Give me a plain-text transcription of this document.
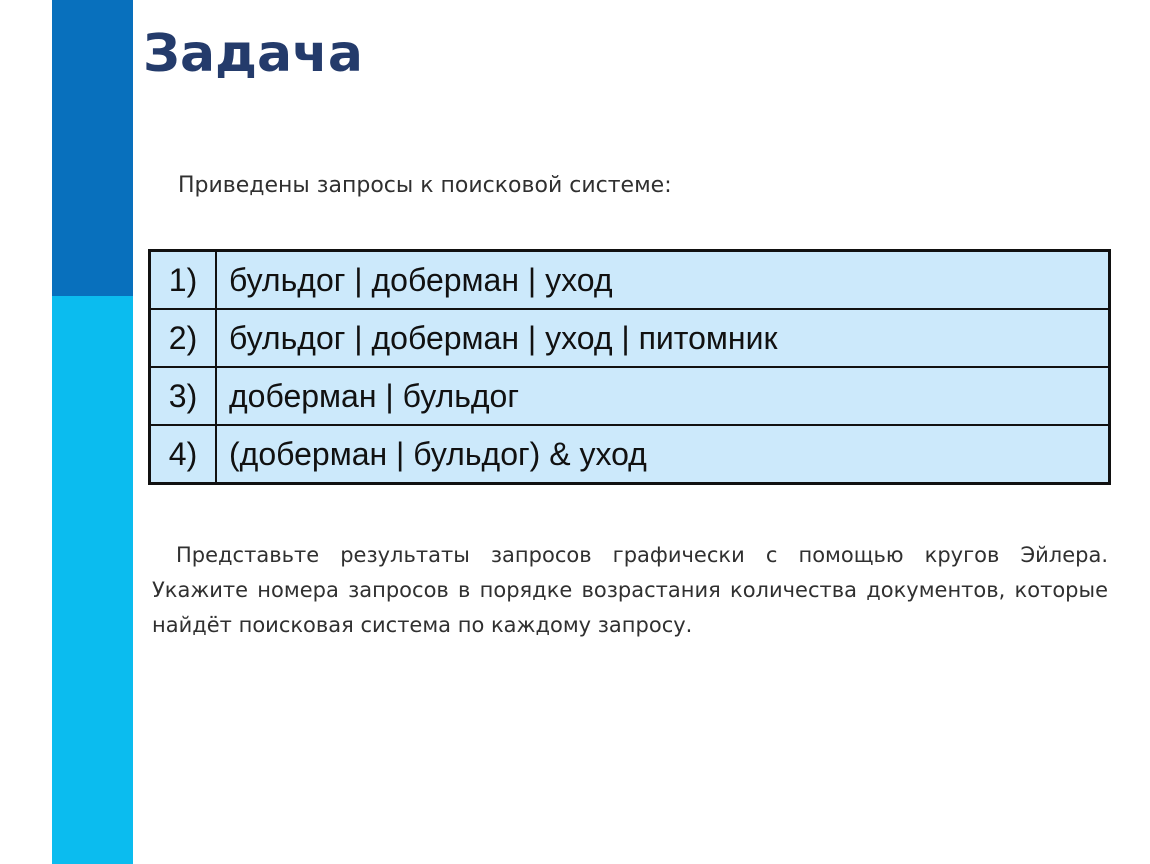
Задача

Приведены запросы к поисковой системе:

1)	бульдог | доберман | уход
2)	бульдог | доберман | уход | питомник
3)	доберман | бульдог
4)	(доберман | бульдог) & уход

Представьте результаты запросов графически с помощью кругов Эйлера. Укажите номера запросов в порядке возрастания количества документов, которые найдёт поисковая система по каждому запросу.
